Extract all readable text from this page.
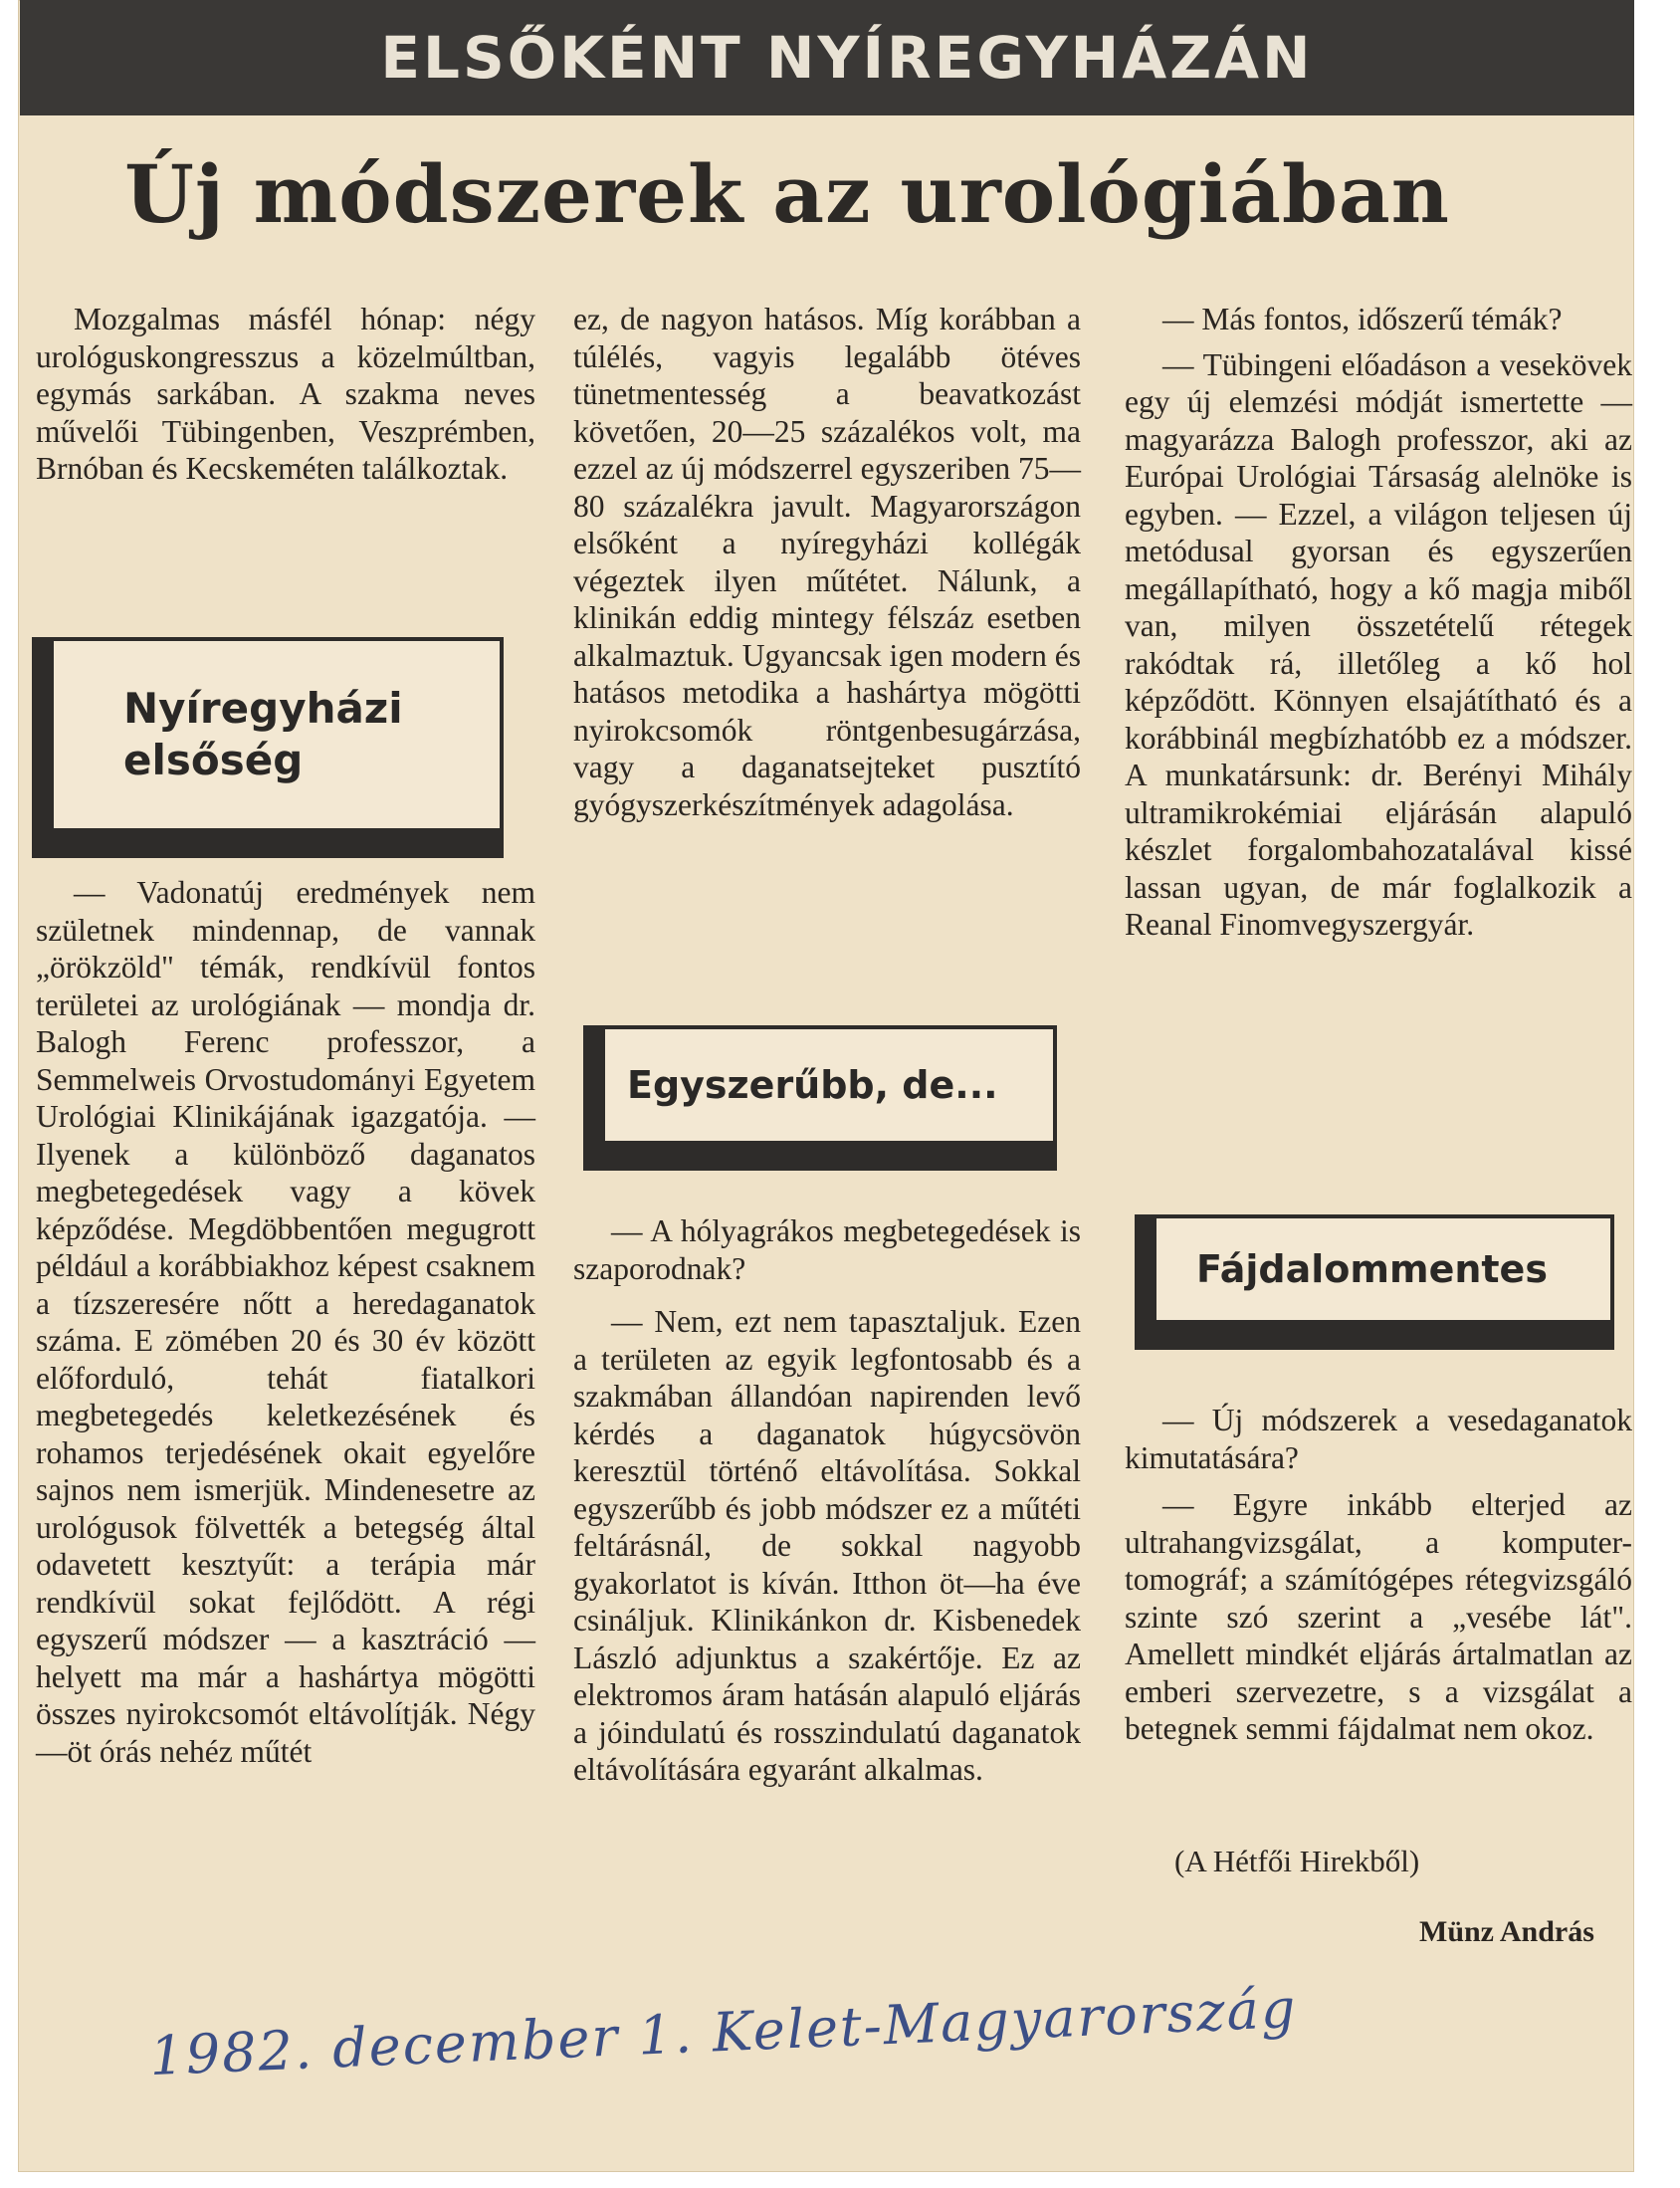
ELSŐKÉNT NYÍREGYHÁZÁN
Új módszerek az urológiában

Mozgalmas másfél hónap: négy urológuskongresszus a közelmúltban, egymás sarkában. A szakma neves művelői Tübingenben, Veszprémben, Brnóban és Kecskeméten találkoztak.

Nyíregyházi
elsőség

— Vadonatúj eredmények nem születnek mindennap, de vannak „örökzöld" témák, rendkívül fontos területei az urológiának — mondja dr. Balogh Ferenc professzor, a Semmelweis Orvostudományi Egyetem Urológiai Klinikájának igazgatója. — Ilyenek a különböző daganatos megbetegedések vagy a kövek képződése. Megdöbbentően megugrott például a korábbiakhoz képest csaknem a tízszeresére nőtt a heredaganatok száma. E zömében 20 és 30 év között előforduló, tehát fiatalkori megbetegedés keletkezésének és rohamos terjedésének okait egyelőre sajnos nem ismerjük. Mindenesetre az urológusok fölvették a betegség által odavetett kesztyűt: a terápia már rendkívül sokat fejlődött. A régi egyszerű módszer — a kasztráció — helyett ma már a hashártya mögötti összes nyirokcsomót eltávolítják. Négy—öt órás nehéz műtét

ez, de nagyon hatásos. Míg korábban a túlélés, vagyis legalább ötéves tünetmentesség a beavatkozást követően, 20—25 százalékos volt, ma ezzel az új módszerrel egyszeriben 75—80 százalékra javult. Magyarországon elsőként a nyíregyházi kollégák végeztek ilyen műtétet. Nálunk, a klinikán eddig mintegy félszáz esetben alkalmaztuk. Ugyancsak igen modern és hatásos metodika a hashártya mögötti nyirokcsomók röntgenbesugárzása, vagy a daganatsejteket pusztító gyógyszerkészítmények adagolása.

Egyszerűbb, de...

— A hólyagrákos megbetegedések is szaporodnak?

— Nem, ezt nem tapasztaljuk. Ezen a területen az egyik legfontosabb és a szakmában állandóan napirenden levő kérdés a daganatok húgycsövön keresztül történő eltávolítása. Sokkal egyszerűbb és jobb módszer ez a műtéti feltárásnál, de sokkal nagyobb gyakorlatot is kíván. Itthon öt—ha éve csináljuk. Klinikánkon dr. Kisbenedek László adjunktus a szakértője. Ez az elektromos áram hatásán alapuló eljárás a jóindulatú és rosszindulatú daganatok eltávolítására egyaránt alkalmas.

— Más fontos, időszerű témák?

— Tübingeni előadáson a vesekövek egy új elemzési módját ismertette — magyarázza Balogh professzor, aki az Európai Urológiai Társaság alelnöke is egyben. — Ezzel, a világon teljesen új metódusal gyorsan és egyszerűen megállapítható, hogy a kő magja miből van, milyen összetételű rétegek rakódtak rá, illetőleg a kő hol képződött. Könnyen elsajátítható és a korábbinál megbízhatóbb ez a módszer. A munkatársunk: dr. Berényi Mihály ultramikrokémiai eljárásán alapuló készlet forgalombahozatalával kissé lassan ugyan, de már foglalkozik a Reanal Finomvegyszergyár.

Fájdalommentes

— Új módszerek a vesedaganatok kimutatására?

— Egyre inkább elterjed az ultrahangvizsgálat, a komputer-tomográf; a számítógépes rétegvizsgáló szinte szó szerint a „vesébe lát". Amellett mindkét eljárás ártalmatlan az emberi szervezetre, s a vizsgálat a betegnek semmi fájdalmat nem okoz.

(A Hétfői Hirekből)
Münz András
1982. december 1. Kelet-Magyarország
